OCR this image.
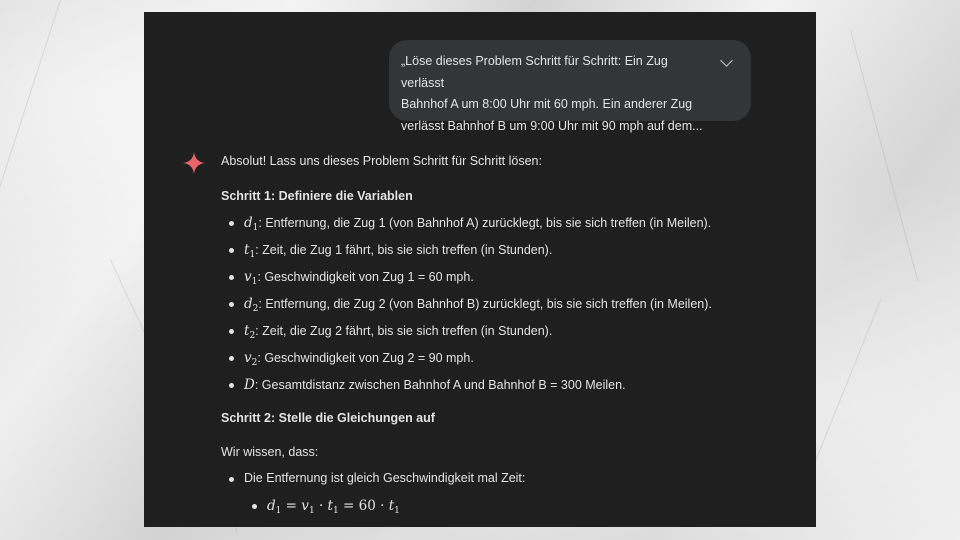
„Löse dieses Problem Schritt für Schritt: Ein Zug verlässt
Bahnhof A um 8:00 Uhr mit 60 mph. Ein anderer Zug
verlässt Bahnhof B um 9:00 Uhr mit 90 mph auf dem...
Absolut! Lass uns dieses Problem Schritt für Schritt lösen:
Schritt 1: Definiere die Variablen
$d_1$: Entfernung, die Zug 1 (von Bahnhof A) zurücklegt, bis sie sich treffen (in Meilen).
$t_1$: Zeit, die Zug 1 fährt, bis sie sich treffen (in Stunden).
$v_1$: Geschwindigkeit von Zug 1 = 60 mph.
$d_2$: Entfernung, die Zug 2 (von Bahnhof B) zurücklegt, bis sie sich treffen (in Meilen).
$t_2$: Zeit, die Zug 2 fährt, bis sie sich treffen (in Stunden).
$v_2$: Geschwindigkeit von Zug 2 = 90 mph.
D: Gesamtdistanz zwischen Bahnhof A und Bahnhof B = 300 Meilen.
Schritt 2: Stelle die Gleichungen auf
Wir wissen, dass:
Die Entfernung ist gleich Geschwindigkeit mal Zeit:
$d_1 = v_1 \cdot t_1 = 60 \cdot t_1$
